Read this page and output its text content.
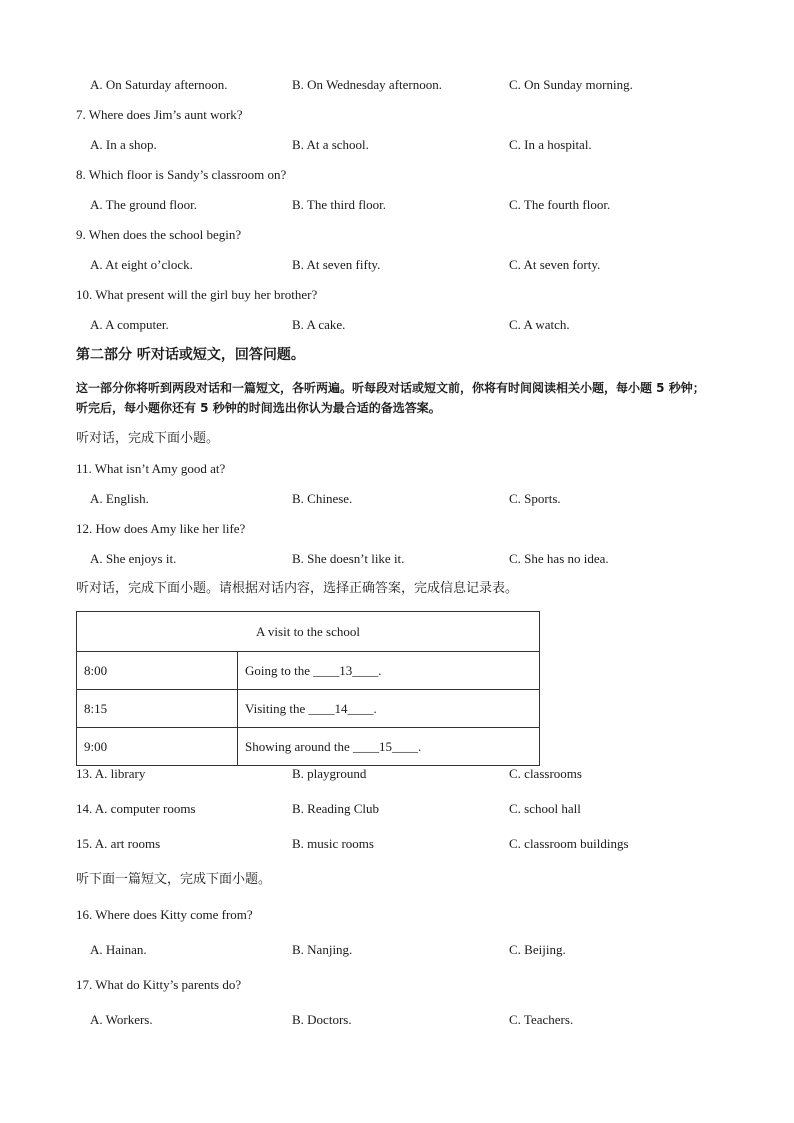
A. On Saturday afternoon.	B. On Wednesday afternoon.	C. On Sunday morning.
7. Where does Jim’s aunt work?
A. In a shop.	B. At a school.	C. In a hospital.
8. Which floor is Sandy’s classroom on?
A. The ground floor.	B. The third floor.	C. The fourth floor.
9. When does the school begin?
A. At eight o’clock.	B. At seven fifty.	C. At seven forty.
10. What present will the girl buy her brother?
A. A computer.	B. A cake.	C. A watch.
第二部分 听对话或短文，回答问题。
这一部分你将听到两段对话和一篇短文，各听两遍。听每段对话或短文前，你将有时间阅读相关小题，每小题 5 秒钟；听完后，每小题你还有 5 秒钟的时间选出你认为最合适的备选答案。
听对话，完成下面小题。
11. What isn’t Amy good at?
A. English.	B. Chinese.	C. Sports.
12. How does Amy like her life?
A. She enjoys it.	B. She doesn’t like it.	C. She has no idea.
听对话，完成下面小题。请根据对话内容，选择正确答案，完成信息记录表。
A visit to the school	
8:00	Going to the ____13____.
8:15	Visiting the ____14____.
9:00	Showing around the ____15____.
13. A. library	B. playground	C. classrooms
14. A. computer rooms	B. Reading Club	C. school hall
15. A. art rooms	B. music rooms	C. classroom buildings
听下面一篇短文，完成下面小题。
16. Where does Kitty come from?
A. Hainan.	B. Nanjing.	C. Beijing.
17. What do Kitty’s parents do?
A. Workers.	B. Doctors.	C. Teachers.
